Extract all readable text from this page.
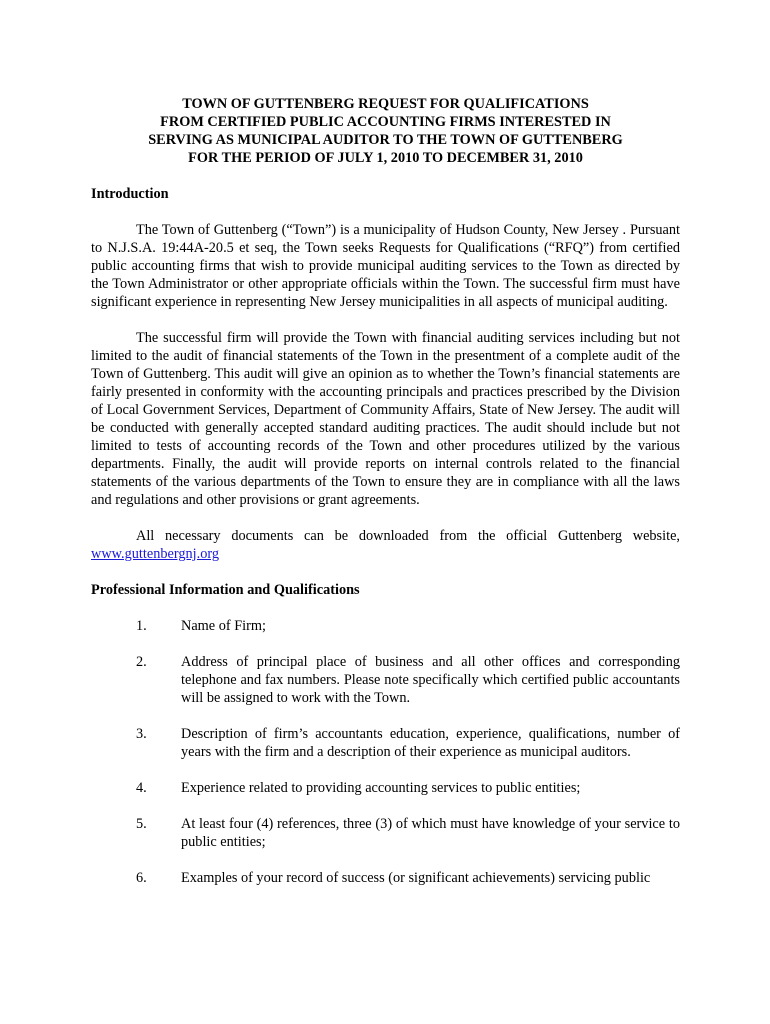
TOWN OF GUTTENBERG REQUEST FOR QUALIFICATIONS
FROM CERTIFIED PUBLIC ACCOUNTING FIRMS INTERESTED IN
SERVING AS MUNICIPAL AUDITOR TO THE TOWN OF GUTTENBERG
FOR THE PERIOD OF JULY 1, 2010 TO DECEMBER 31, 2010
Introduction

The Town of Guttenberg (“Town”) is a municipality of Hudson County, New Jersey . Pursuant to N.J.S.A. 19:44A-20.5 et seq, the Town seeks Requests for Qualifications (“RFQ”) from certified public accounting firms that wish to provide municipal auditing services to the Town as directed by the Town Administrator or other appropriate officials within the Town. The successful firm must have significant experience in representing New Jersey municipalities in all aspects of municipal auditing.

The successful firm will provide the Town with financial auditing services including but not limited to the audit of financial statements of the Town in the presentment of a complete audit of the Town of Guttenberg. This audit will give an opinion as to whether the Town’s financial statements are fairly presented in conformity with the accounting principals and practices prescribed by the Division of Local Government Services, Department of Community Affairs, State of New Jersey. The audit will be conducted with generally accepted standard auditing practices. The audit should include but not limited to tests of accounting records of the Town and other procedures utilized by the various departments. Finally, the audit will provide reports on internal controls related to the financial statements of the various departments of the Town to ensure they are in compliance with all the laws and regulations and other provisions or grant agreements.

All necessary documents can be downloaded from the official Guttenberg website, www.guttenbergnj.org

Professional Information and Qualifications
1.	Name of Firm;
2.	Address of principal place of business and all other offices and corresponding telephone and fax numbers. Please note specifically which certified public accountants will be assigned to work with the Town.
3.	Description of firm’s accountants education, experience, qualifications, number of years with the firm and a description of their experience as municipal auditors.
4.	Experience related to providing accounting services to public entities;
5.	At least four (4) references, three (3) of which must have knowledge of your service to public entities;
6.	Examples of your record of success (or significant achievements) servicing public
